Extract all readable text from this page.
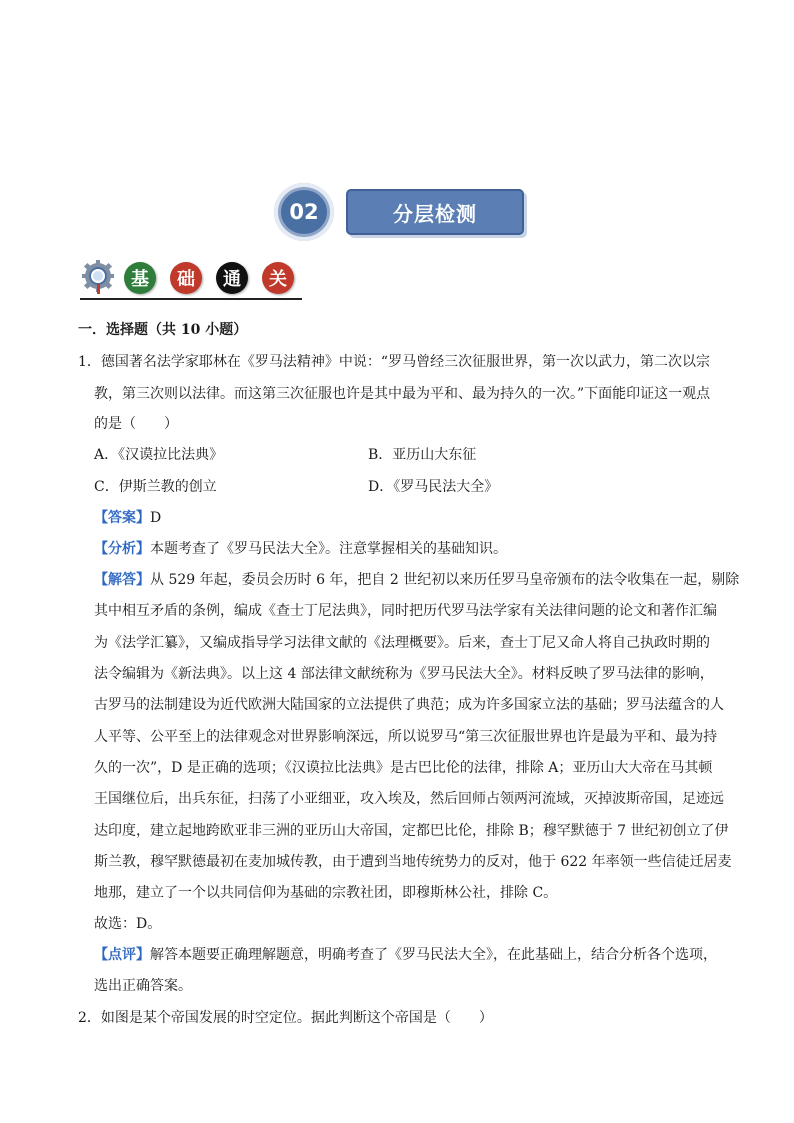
02	分层检测
基	础	通	关
一．选择题（共 10 小题）
1．德国著名法学家耶林在《罗马法精神》中说：“罗马曾经三次征服世界，第一次以武力，第二次以宗
教，第三次则以法律。而这第三次征服也许是其中最为平和、最为持久的一次。”下面能印证这一观点
的是（　　）
A．《汉谟拉比法典》	B．亚历山大东征
C．伊斯兰教的创立	D．《罗马民法大全》
【答案】D
【分析】本题考查了《罗马民法大全》。注意掌握相关的基础知识。
【解答】从 529 年起，委员会历时 6 年，把自 2 世纪初以来历任罗马皇帝颁布的法令收集在一起，剔除
其中相互矛盾的条例，编成《查士丁尼法典》，同时把历代罗马法学家有关法律问题的论文和著作汇编
为《法学汇纂》，又编成指导学习法律文献的《法理概要》。后来，查士丁尼又命人将自己执政时期的
法令编辑为《新法典》。以上这 4 部法律文献统称为《罗马民法大全》。材料反映了罗马法律的影响，
古罗马的法制建设为近代欧洲大陆国家的立法提供了典范；成为许多国家立法的基础；罗马法蕴含的人
人平等、公平至上的法律观念对世界影响深远，所以说罗马“第三次征服世界也许是最为平和、最为持
久的一次”，D 是正确的选项；《汉谟拉比法典》是古巴比伦的法律，排除 A；亚历山大大帝在马其顿
王国继位后，出兵东征，扫荡了小亚细亚，攻入埃及，然后回师占领两河流域，灭掉波斯帝国，足迹远
达印度，建立起地跨欧亚非三洲的亚历山大帝国，定都巴比伦，排除 B；穆罕默德于 7 世纪初创立了伊
斯兰教，穆罕默德最初在麦加城传教，由于遭到当地传统势力的反对，他于 622 年率领一些信徒迁居麦
地那，建立了一个以共同信仰为基础的宗教社团，即穆斯林公社，排除 C。
故选：D。
【点评】解答本题要正确理解题意，明确考查了《罗马民法大全》，在此基础上，结合分析各个选项，
选出正确答案。
2．如图是某个帝国发展的时空定位。据此判断这个帝国是（　　）
